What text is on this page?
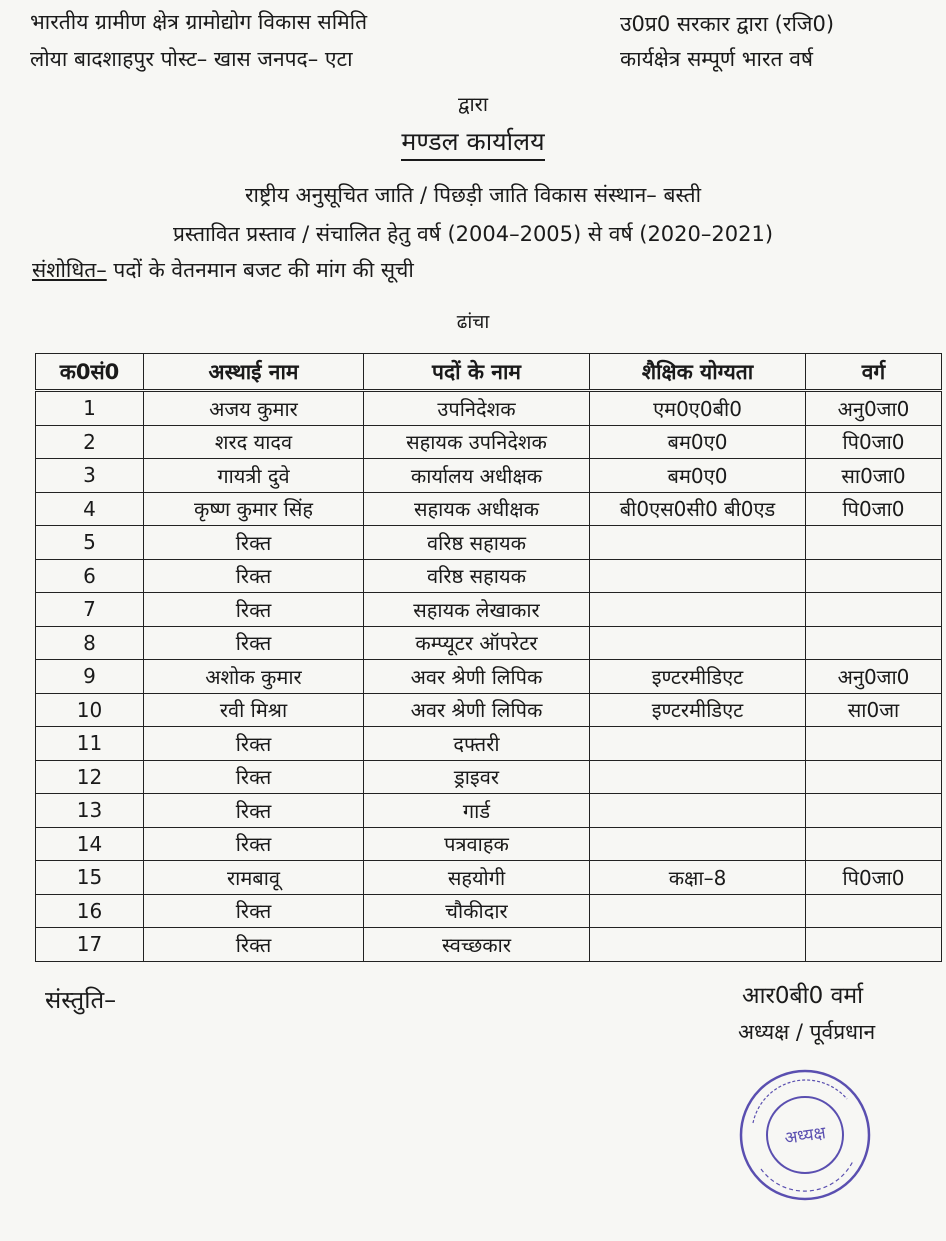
भारतीय ग्रामीण क्षेत्र ग्रामोद्योग विकास समिति
लोया बादशाहपुर पोस्ट– खास जनपद– एटा
उ0प्र0 सरकार द्वारा (रजि0)
कार्यक्षेत्र सम्पूर्ण भारत वर्ष
द्वारा
मण्डल कार्यालय
राष्ट्रीय अनुसूचित जाति / पिछड़ी जाति विकास संस्थान– बस्ती
प्रस्तावित प्रस्ताव / संचालित हेतु वर्ष (2004–2005) से वर्ष (2020–2021)
संशोधित– पदों के वेतनमान बजट की मांग की सूची
ढांचा
क0सं0	अस्थाई नाम	पदों के नाम	शैक्षिक योग्यता	वर्ग
1	अजय कुमार	उपनिदेशक	एम0ए0बी0	अनु0जा0
2	शरद यादव	सहायक उपनिदेशक	बम0ए0	पि0जा0
3	गायत्री दुवे	कार्यालय अधीक्षक	बम0ए0	सा0जा0
4	कृष्ण कुमार सिंह	सहायक अधीक्षक	बी0एस0सी0 बी0एड	पि0जा0
5	रिक्त	वरिष्ठ सहायक		
6	रिक्त	वरिष्ठ सहायक		
7	रिक्त	सहायक लेखाकार		
8	रिक्त	कम्प्यूटर ऑपरेटर		
9	अशोक कुमार	अवर श्रेणी लिपिक	इण्टरमीडिएट	अनु0जा0
10	रवी मिश्रा	अवर श्रेणी लिपिक	इण्टरमीडिएट	सा0जा
11	रिक्त	दफ्तरी		
12	रिक्त	ड्राइवर		
13	रिक्त	गार्ड		
14	रिक्त	पत्रवाहक		
15	रामबावू	सहयोगी	कक्षा–8	पि0जा0
16	रिक्त	चौकीदार		
17	रिक्त	स्वच्छकार		
संस्तुति–	आर0बी0 वर्मा
अध्यक्ष / पूर्वप्रधान
अध्यक्ष
